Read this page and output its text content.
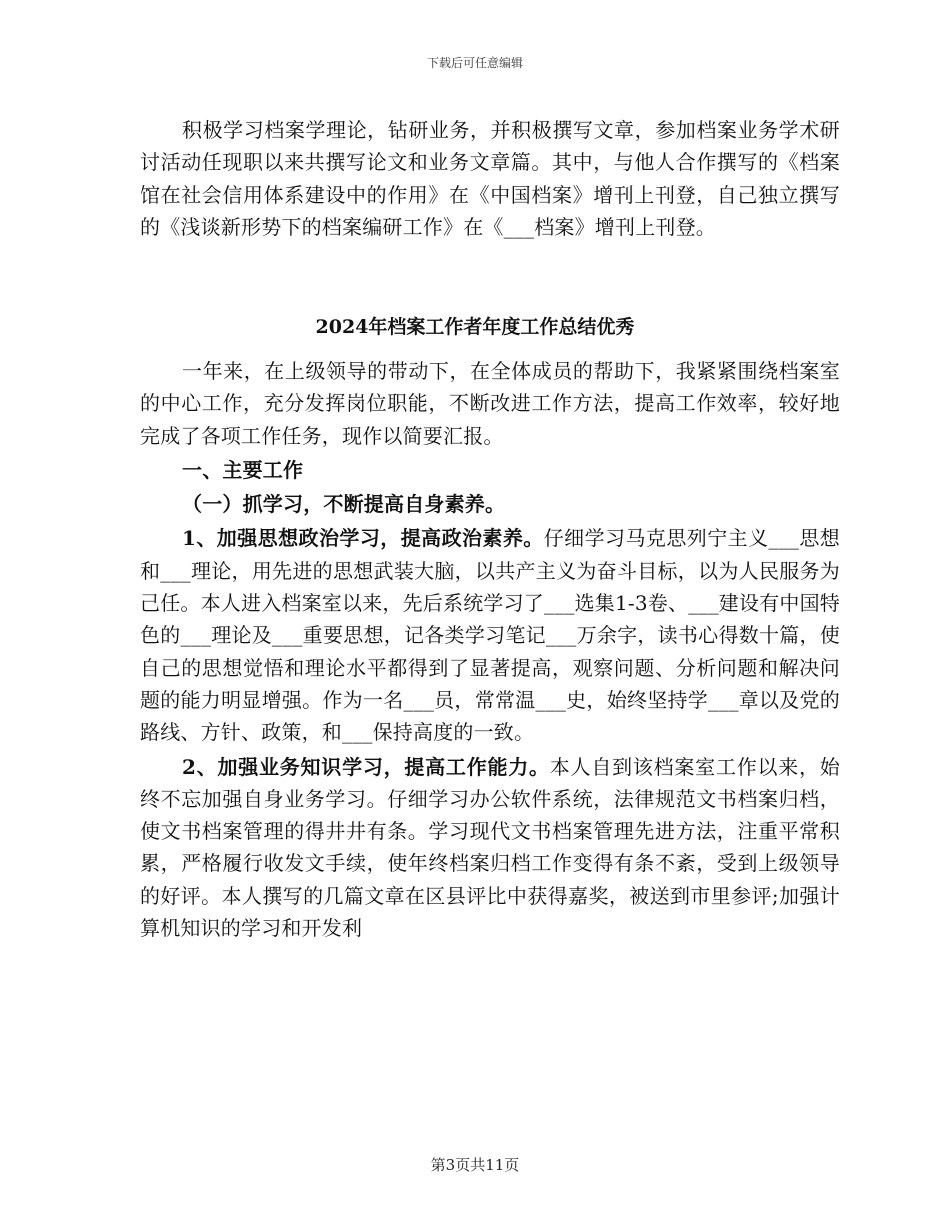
下载后可任意编辑

积极学习档案学理论，钻研业务，并积极撰写文章，参加档案业务学术研讨活动任现职以来共撰写论文和业务文章篇。其中，与他人合作撰写的《档案馆在社会信用体系建设中的作用》在《中国档案》增刊上刊登，自己独立撰写的《浅谈新形势下的档案编研工作》在《___档案》增刊上刊登。

2024年档案工作者年度工作总结优秀

一年来，在上级领导的带动下，在全体成员的帮助下，我紧紧围绕档案室的中心工作，充分发挥岗位职能，不断改进工作方法，提高工作效率，较好地完成了各项工作任务，现作以简要汇报。

一、主要工作

（一）抓学习，不断提高自身素养。

1、加强思想政治学习，提高政治素养。仔细学习马克思列宁主义___思想和___理论，用先进的思想武装大脑，以共产主义为奋斗目标，以为人民服务为己任。本人进入档案室以来，先后系统学习了___选集1-3卷、___建设有中国特色的___理论及___重要思想，记各类学习笔记___万余字，读书心得数十篇，使自己的思想觉悟和理论水平都得到了显著提高，观察问题、分析问题和解决问题的能力明显增强。作为一名___员，常常温___史，始终坚持学___章以及党的路线、方针、政策，和___保持高度的一致。

2、加强业务知识学习，提高工作能力。本人自到该档案室工作以来，始终不忘加强自身业务学习。仔细学习办公软件系统，法律规范文书档案归档，使文书档案管理的得井井有条。学习现代文书档案管理先进方法，注重平常积累，严格履行收发文手续，使年终档案归档工作变得有条不紊，受到上级领导的好评。本人撰写的几篇文章在区县评比中获得嘉奖，被送到市里参评;加强计算机知识的学习和开发利

第3页共11页
